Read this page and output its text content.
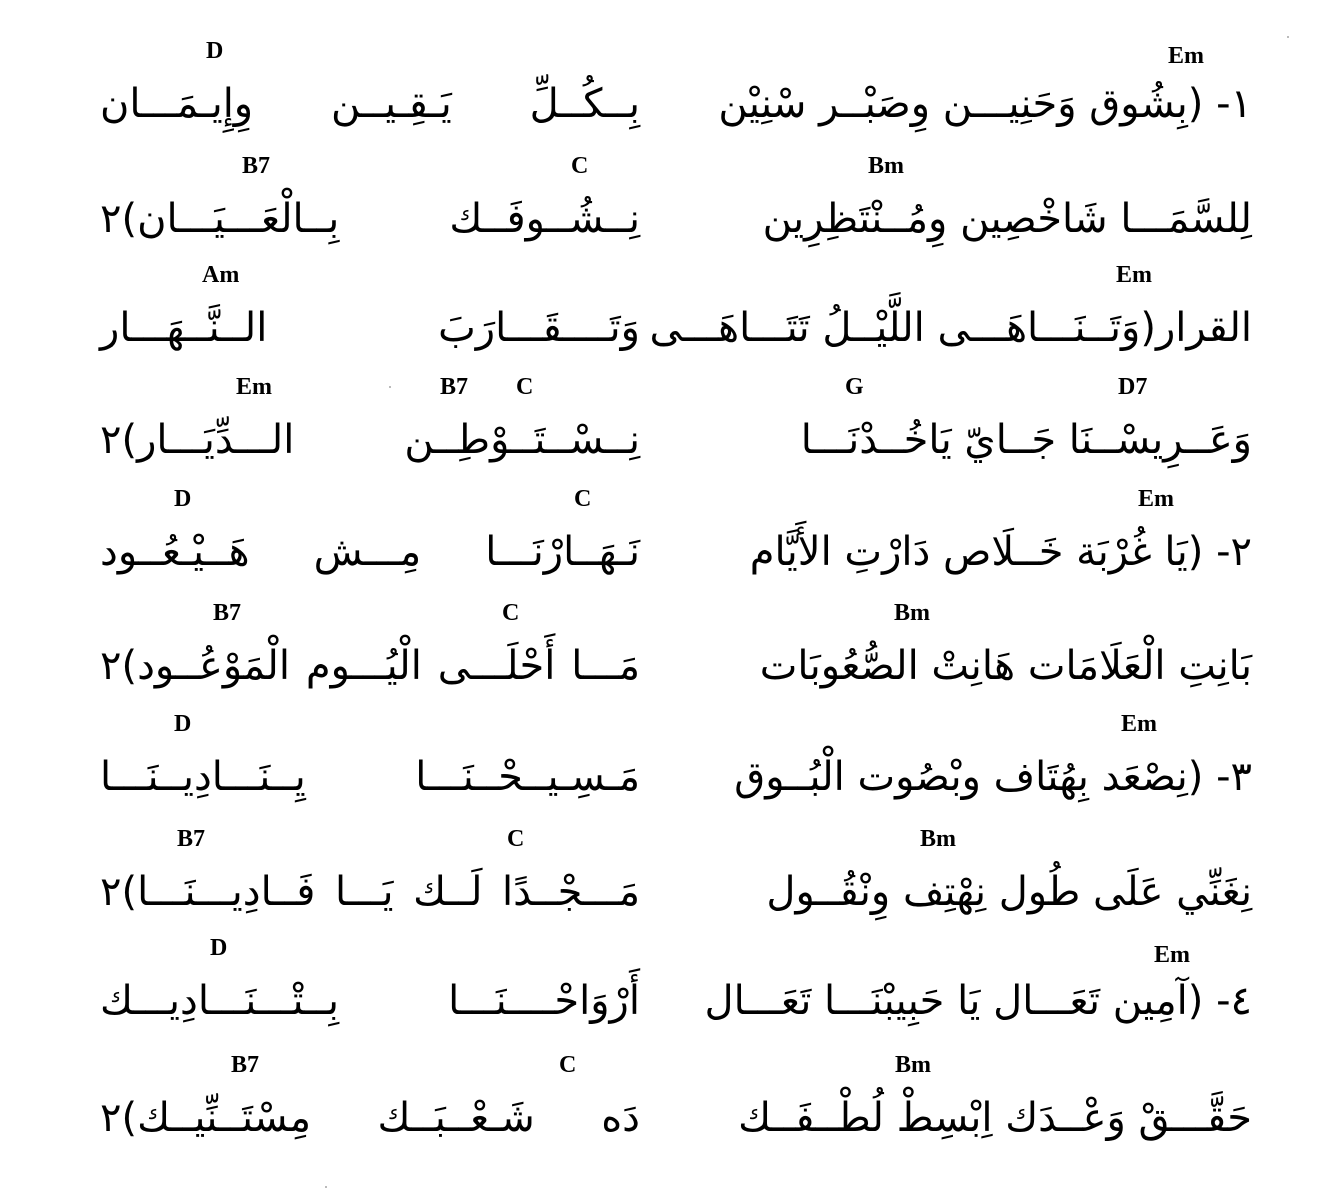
Em
D
١- (بِشُوق وَحَنِيـــن وِصَبْــر سْنِيْن
بِــكُــلِّ يَـقِـيــن وِإِيـمَـــان
Bm
B7	C
لِلسَّمَـــا شَاخْصِين وِمُــنْتَظِرِين
نِــشُــوفَــك بِــالْعَـــيَـــان)٢
Em
Am
القرار(وَتَــنَـــاهَـــى اللَّيْــلُ تَتَـــاهَـــى
وَتَــــقَـــارَبَ الــنَّــهَـــار
G	D7
Em	B7 C
وَعَــرِيسْــنَا جَــايّ يَاخُــدْنَـــا
نِــسْــتَــوْطِــن الـــدِّيَـــار)٢
Em
D	C
٢- (يَا غُرْبَة خَــلَاص دَارْتِ الأَيَّام
نَـهَــارْنَـــا مِـــش هَــيْـعُــود
Bm
B7	C
بَانِتِ الْعَلَامَات هَانِتْ الصُّعُوبَات
مَـــا أَحْلَـــى الْيُـــوم الْمَوْعُــود)٢
Em
D
٣- (نِصْعَد بِهُتَاف وبْصُوت الْبُــوق
مَـسِـيــحْــنَـــا يِــنَـــادِيــنَـــا
Bm
B7	C
نِغَنِّي عَلَى طُول نِهْتِف وِنْقُــول
مَـــجْــدًا لَــك يَـــا فَــادِيـــنَـــا)٢
Em
D
٤- (آمِين تَعَـــال يَا حَبِيبْنَـــا تَعَـــال
أَرْوَاحْــــنَـــا بِــتْـــنَـــادِيـــك
Bm
B7	C
حَقَّـــقْ وَعْــدَك اِبْسِطْ لُطْــفَــك
دَه شَـعْــبَــك مِسْتَــنِّيــك)٢
